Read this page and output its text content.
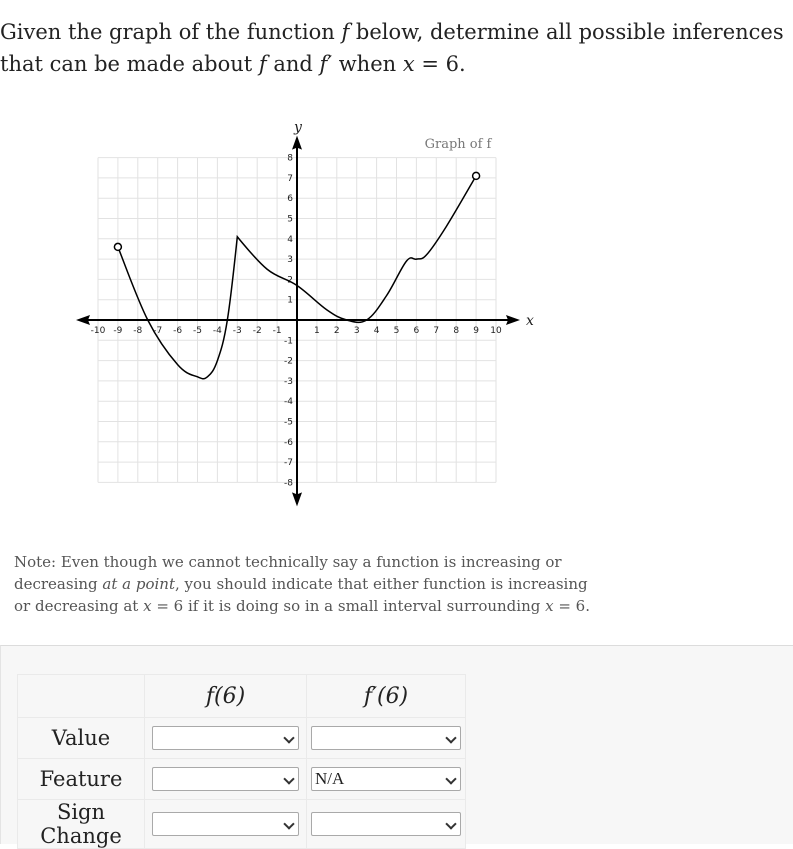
Given the graph of the function f below, determine all possible inferences that can be made about f and f′ when x = 6.

x
y
-10 -9 -8 -7 -6 -5 -4 -3 -2 -1	1 2 3 4 5 6 7 8 9 10
8
7
6
5
4
3
2
1
-1
-2
-3
-4
-5
-6
-7
-8
Graph of f

Note: Even though we cannot technically say a function is increasing or decreasing at a point, you should indicate that either function is increasing or decreasing at x = 6 if it is doing so in a small interval surrounding x = 6.

	f(6)	f′(6)
Value	

Feature		N/A

Sign Change	
